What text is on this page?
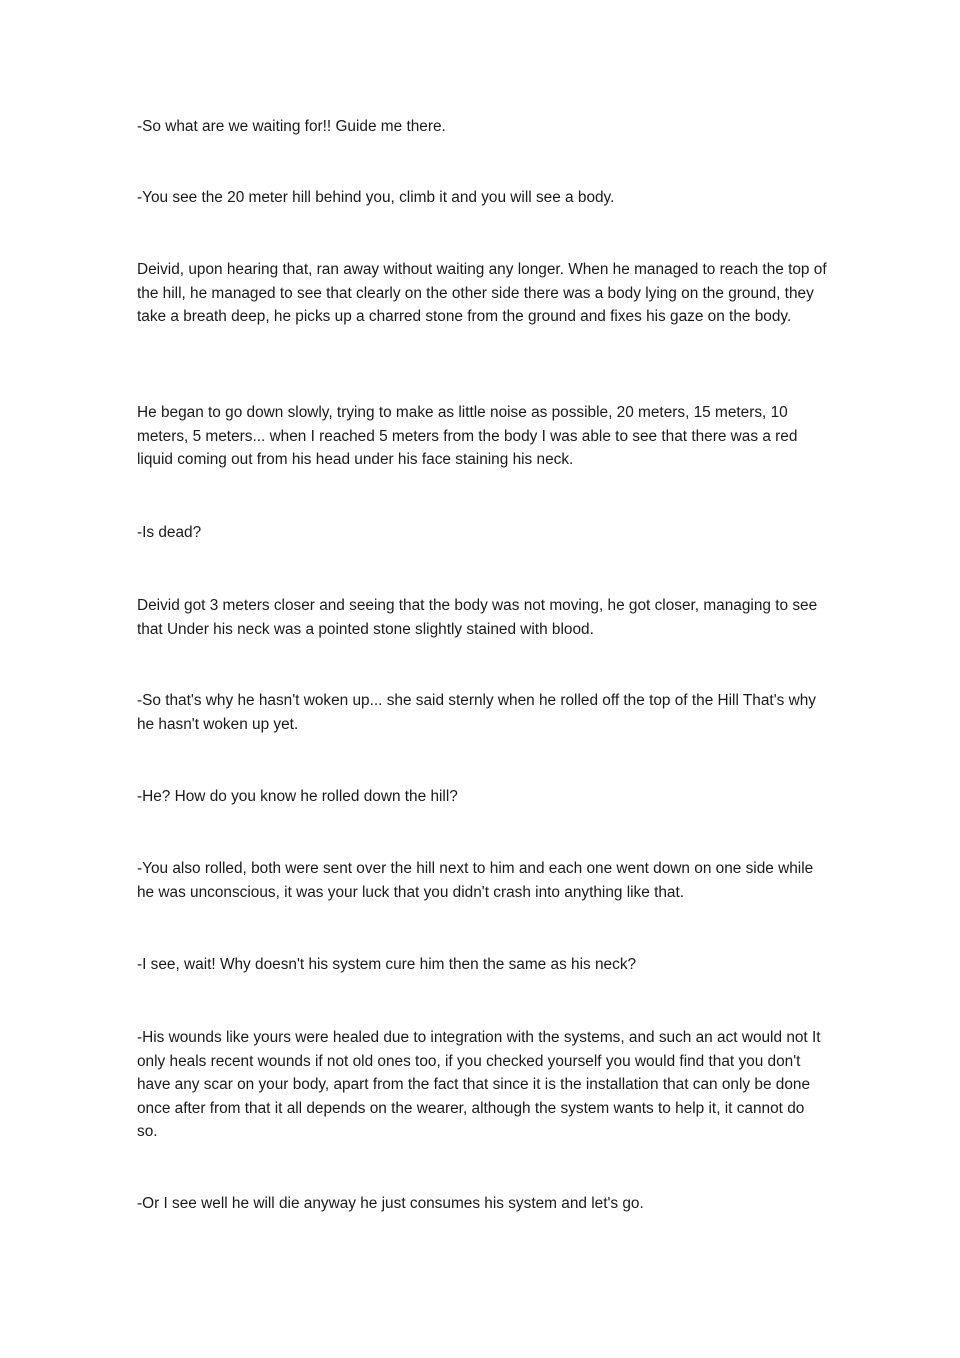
-So what are we waiting for!! Guide me there.

-You see the 20 meter hill behind you, climb it and you will see a body.

Deivid, upon hearing that, ran away without waiting any longer. When he managed to reach the top of the hill, he managed to see that clearly on the other side there was a body lying on the ground, they take a breath deep, he picks up a charred stone from the ground and fixes his gaze on the body.

He began to go down slowly, trying to make as little noise as possible, 20 meters, 15 meters, 10 meters, 5 meters... when I reached 5 meters from the body I was able to see that there was a red liquid coming out from his head under his face staining his neck.

-Is dead?

Deivid got 3 meters closer and seeing that the body was not moving, he got closer, managing to see that Under his neck was a pointed stone slightly stained with blood.

-So that's why he hasn't woken up... she said sternly when he rolled off the top of the Hill That's why he hasn't woken up yet.

-He? How do you know he rolled down the hill?

-You also rolled, both were sent over the hill next to him and each one went down on one side while he was unconscious, it was your luck that you didn't crash into anything like that.

-I see, wait! Why doesn't his system cure him then the same as his neck?

-His wounds like yours were healed due to integration with the systems, and such an act would not It only heals recent wounds if not old ones too, if you checked yourself you would find that you don't have any scar on your body, apart from the fact that since it is the installation that can only be done once after from that it all depends on the wearer, although the system wants to help it, it cannot do so.

-Or I see well he will die anyway he just consumes his system and let's go.
